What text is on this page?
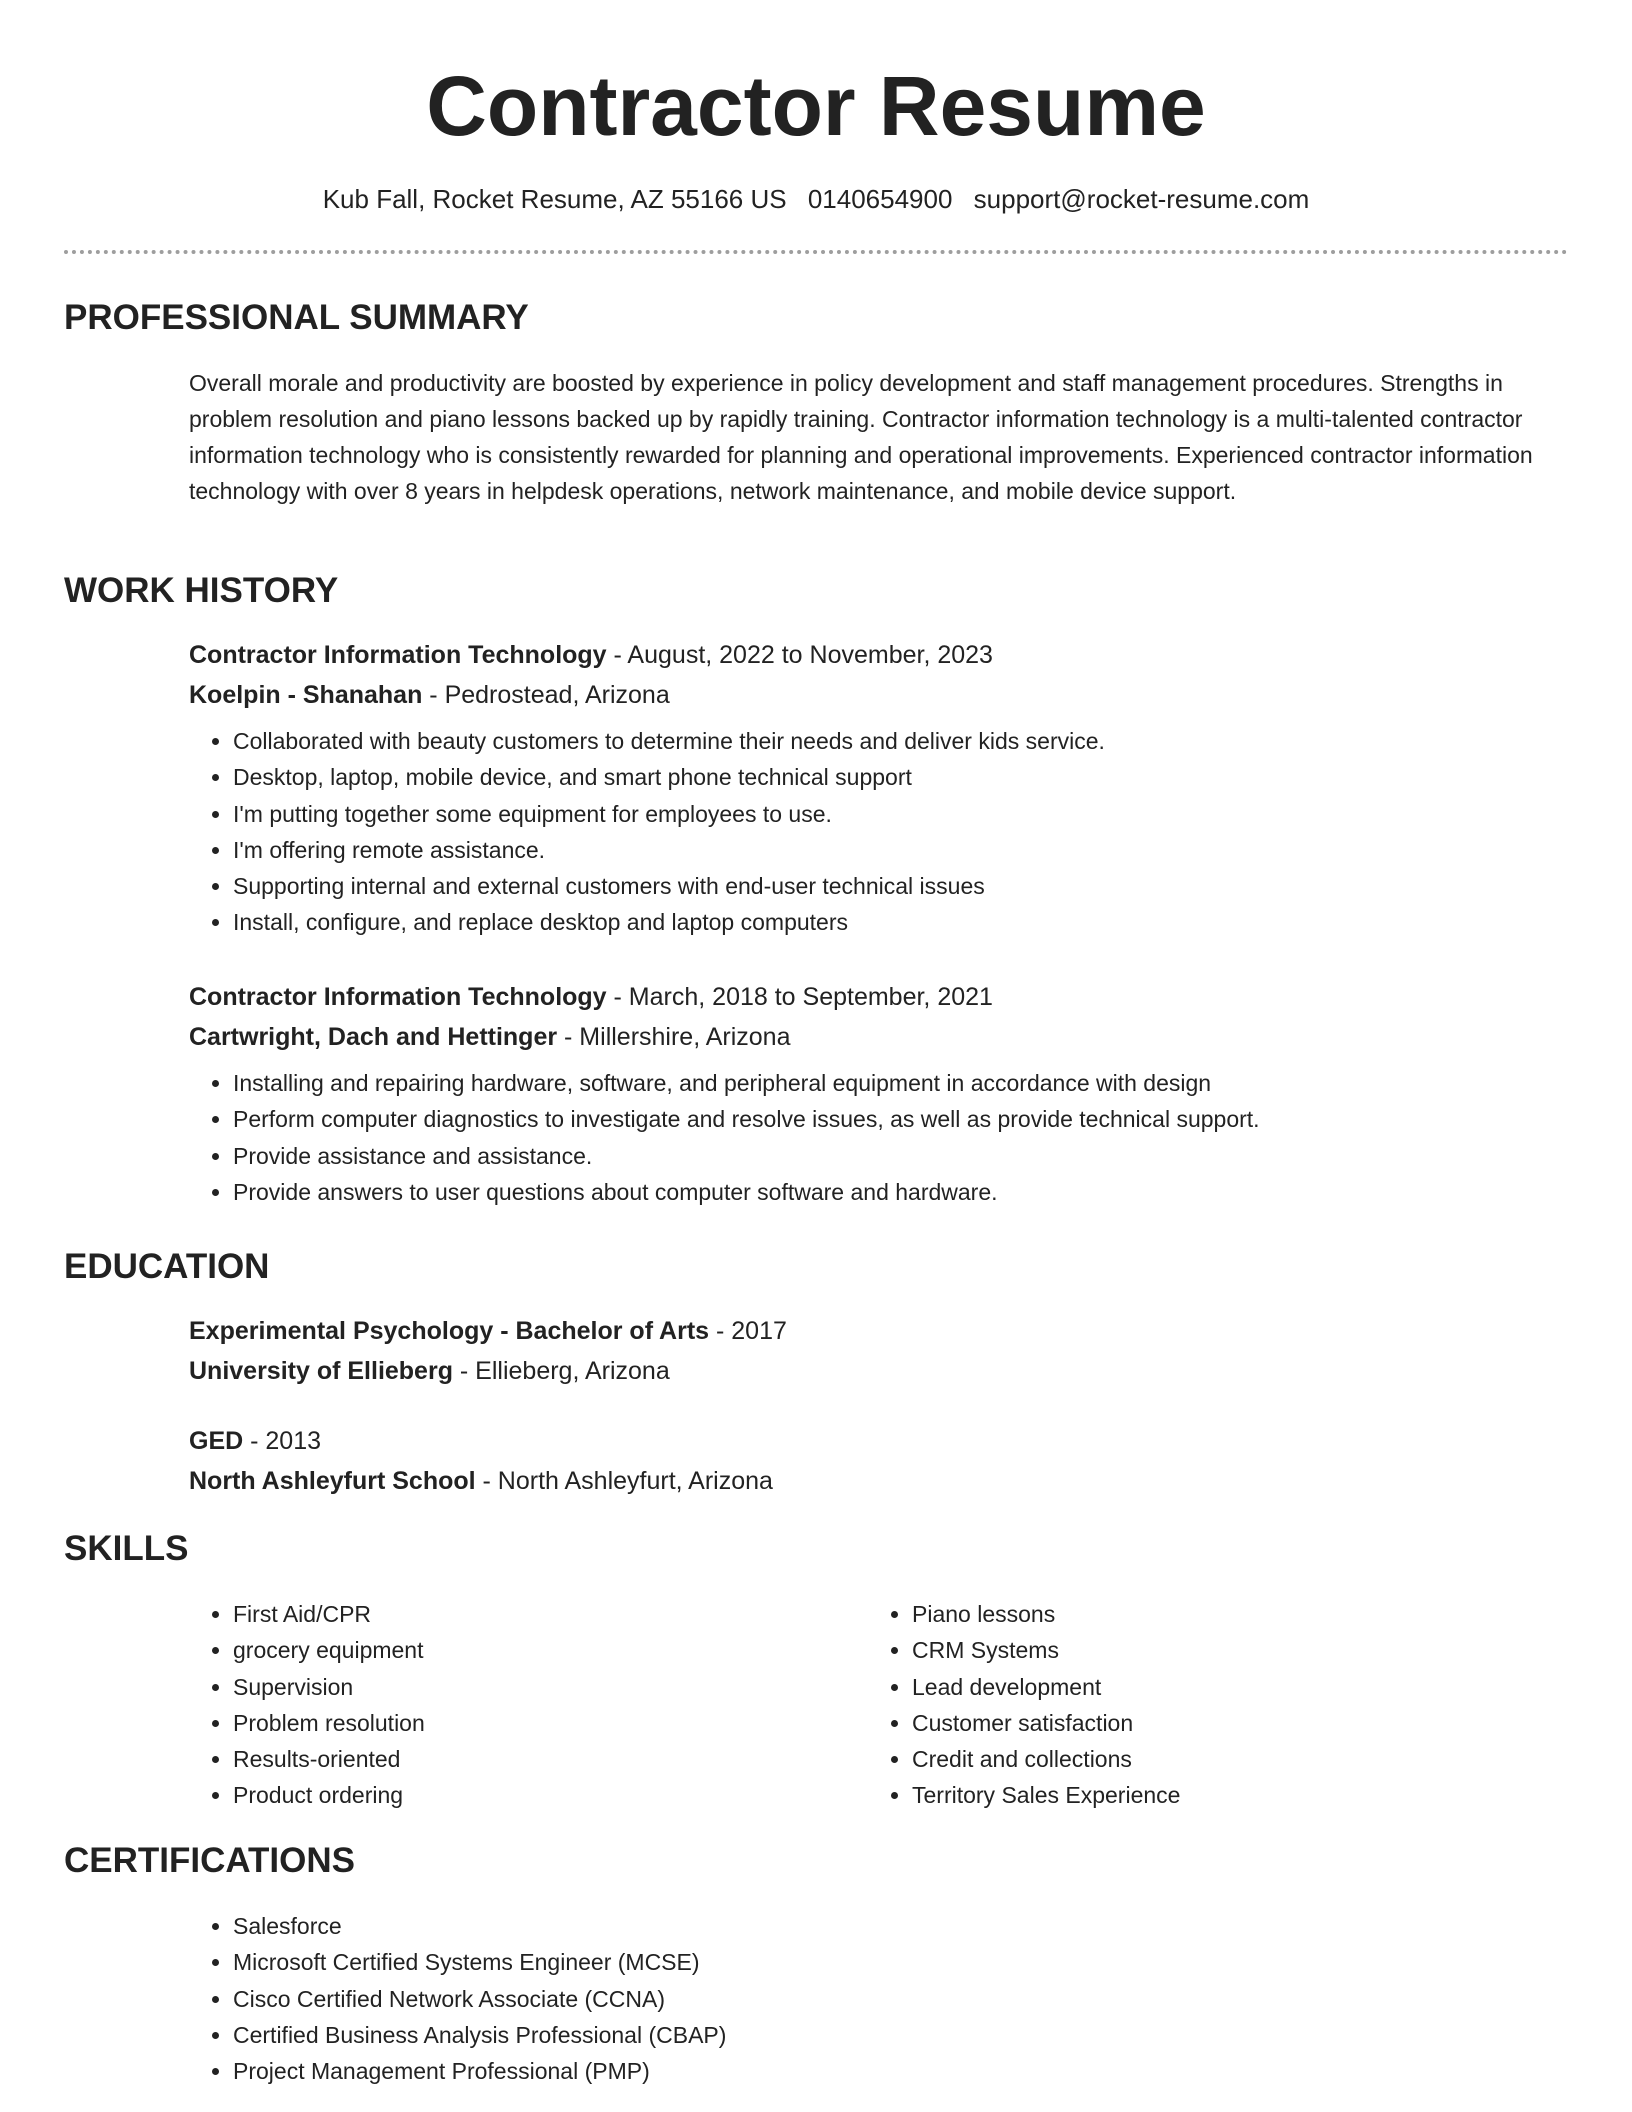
Contractor Resume
Kub Fall, Rocket Resume, AZ 55166 US 0140654900 support@rocket-resume.com
PROFESSIONAL SUMMARY

Overall morale and productivity are boosted by experience in policy development and staff management procedures. Strengths in problem resolution and piano lessons backed up by rapidly training. Contractor information technology is a multi-talented contractor information technology who is consistently rewarded for planning and operational improvements. Experienced contractor information technology with over 8 years in helpdesk operations, network maintenance, and mobile device support.

WORK HISTORY
Contractor Information Technology - August, 2022 to November, 2023
Koelpin - Shanahan - Pedrostead, Arizona
• Collaborated with beauty customers to determine their needs and deliver kids service.
• Desktop, laptop, mobile device, and smart phone technical support
• I'm putting together some equipment for employees to use.
• I'm offering remote assistance.
• Supporting internal and external customers with end-user technical issues
• Install, configure, and replace desktop and laptop computers
Contractor Information Technology - March, 2018 to September, 2021
Cartwright, Dach and Hettinger - Millershire, Arizona
• Installing and repairing hardware, software, and peripheral equipment in accordance with design
• Perform computer diagnostics to investigate and resolve issues, as well as provide technical support.
• Provide assistance and assistance.
• Provide answers to user questions about computer software and hardware.
EDUCATION
Experimental Psychology - Bachelor of Arts - 2017
University of Ellieberg - Ellieberg, Arizona
GED - 2013
North Ashleyfurt School - North Ashleyfurt, Arizona
SKILLS
• First Aid/CPR
• grocery equipment
• Supervision
• Problem resolution
• Results-oriented
• Product ordering
• Piano lessons
• CRM Systems
• Lead development
• Customer satisfaction
• Credit and collections
• Territory Sales Experience
CERTIFICATIONS
• Salesforce
• Microsoft Certified Systems Engineer (MCSE)
• Cisco Certified Network Associate (CCNA)
• Certified Business Analysis Professional (CBAP)
• Project Management Professional (PMP)
